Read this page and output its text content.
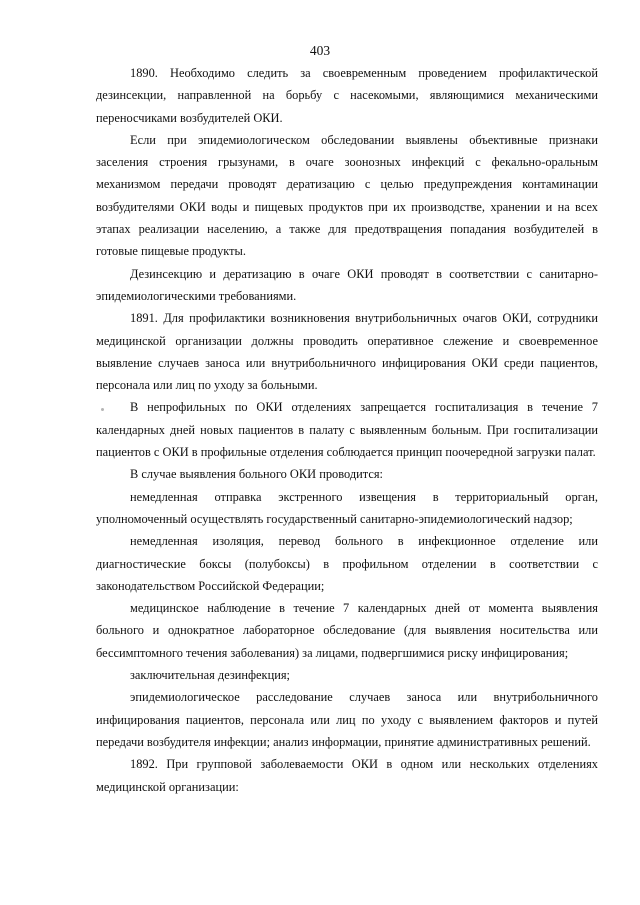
403

1890. Необходимо следить за своевременным проведением профилактической дезинсекции, направленной на борьбу с насекомыми, являющимися механическими переносчиками возбудителей ОКИ.

Если при эпидемиологическом обследовании выявлены объективные признаки заселения строения грызунами, в очаге зоонозных инфекций с фекально-оральным механизмом передачи проводят дератизацию с целью предупреждения контаминации возбудителями ОКИ воды и пищевых продуктов при их производстве, хранении и на всех этапах реализации населению, а также для предотвращения попадания возбудителей в готовые пищевые продукты.

Дезинсекцию и дератизацию в очаге ОКИ проводят в соответствии с санитарно-эпидемиологическими требованиями.

1891. Для профилактики возникновения внутрибольничных очагов ОКИ, сотрудники медицинской организации должны проводить оперативное слежение и своевременное выявление случаев заноса или внутрибольничного инфицирования ОКИ среди пациентов, персонала или лиц по уходу за больными.

В непрофильных по ОКИ отделениях запрещается госпитализация в течение 7 календарных дней новых пациентов в палату с выявленным больным. При госпитализации пациентов с ОКИ в профильные отделения соблюдается принцип поочередной загрузки палат.

В случае выявления больного ОКИ проводится:

немедленная отправка экстренного извещения в территориальный орган, уполномоченный осуществлять государственный санитарно-эпидемиологический надзор;

немедленная изоляция, перевод больного в инфекционное отделение или диагностические боксы (полубоксы) в профильном отделении в соответствии с законодательством Российской Федерации;

медицинское наблюдение в течение 7 календарных дней от момента выявления больного и однократное лабораторное обследование (для выявления носительства или бессимптомного течения заболевания) за лицами, подвергшимися риску инфицирования;

заключительная дезинфекция;

эпидемиологическое расследование случаев заноса или внутрибольничного инфицирования пациентов, персонала или лиц по уходу с выявлением факторов и путей передачи возбудителя инфекции; анализ информации, принятие административных решений.

1892. При групповой заболеваемости ОКИ в одном или нескольких отделениях медицинской организации:
